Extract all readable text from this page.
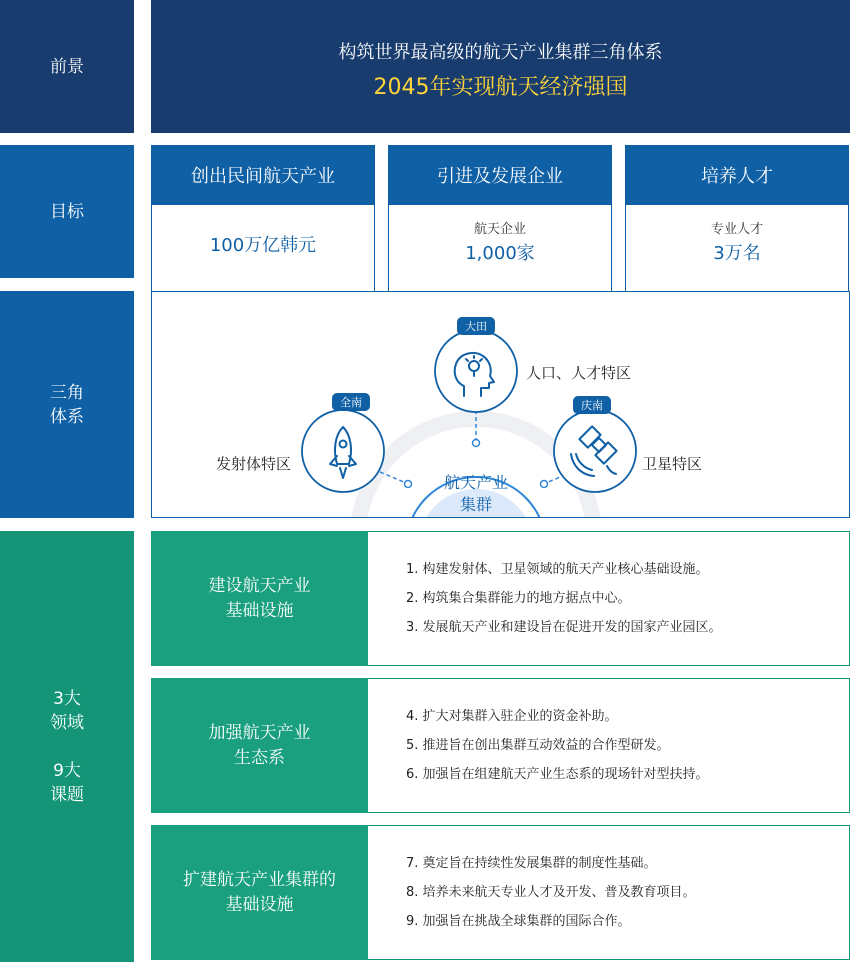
前景
目标
三角
体系
3大
领域

9大
课题
构筑世界最高级的航天产业集群三角体系
2045年实现航天经济强国
创出民间航天产业
100万亿韩元
引进及发展企业
航天企业
1,000家
培养人才
专业人才
3万名
航天产业
集群
大田
全南	庆南
人口、人才特区
发射体特区	卫星特区
建设航天产业
基础设施
1. 构建发射体、卫星领域的航天产业核心基础设施。
2. 构筑集合集群能力的地方据点中心。
3. 发展航天产业和建设旨在促进开发的国家产业园区。
加强航天产业
生态系
4. 扩大对集群入驻企业的资金补助。
5. 推进旨在创出集群互动效益的合作型研发。
6. 加强旨在组建航天产业生态系的现场针对型扶持。
扩建航天产业集群的
基础设施
7. 奠定旨在持续性发展集群的制度性基础。
8. 培养未来航天专业人才及开发、普及教育项目。
9. 加强旨在挑战全球集群的国际合作。
